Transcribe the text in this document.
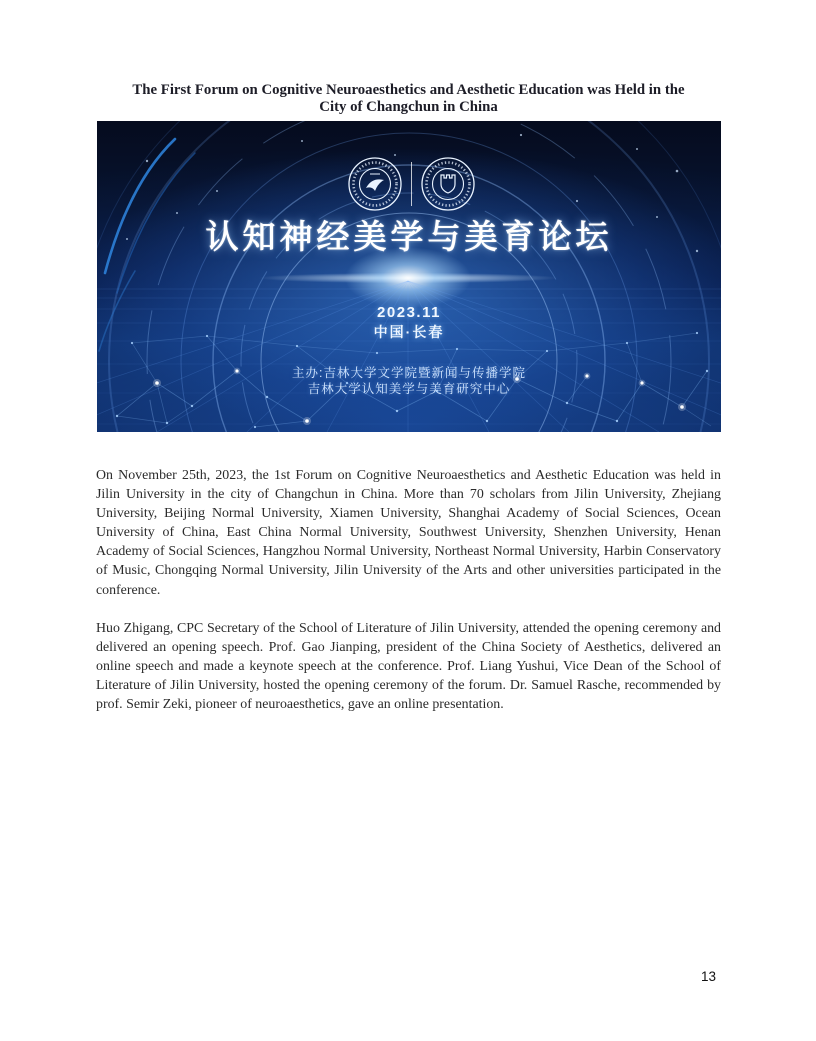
The First Forum on Cognitive Neuroaesthetics and Aesthetic Education was Held in the
City of Changchun in China
认知神经美学与美育论坛
2023.11
中国·长春
主办:吉林大学文学院暨新闻与传播学院
吉林大学认知美学与美育研究中心

On November 25th, 2023, the 1st Forum on Cognitive Neuroaesthetics and Aesthetic Education was held in Jilin University in the city of Changchun in China. More than 70 scholars from Jilin University, Zhejiang University, Beijing Normal University, Xiamen University, Shanghai Academy of Social Sciences, Ocean University of China, East China Normal University, Southwest University, Shenzhen University, Henan Academy of Social Sciences, Hangzhou Normal University, Northeast Normal University, Harbin Conservatory of Music, Chongqing Normal University, Jilin University of the Arts and other universities participated in the conference.

Huo Zhigang, CPC Secretary of the School of Literature of Jilin University, attended the opening ceremony and delivered an opening speech. Prof. Gao Jianping, president of the China Society of Aesthetics, delivered an online speech and made a keynote speech at the conference. Prof. Liang Yushui, Vice Dean of the School of Literature of Jilin University, hosted the opening ceremony of the forum. Dr. Samuel Rasche, recommended by prof. Semir Zeki, pioneer of neuroaesthetics, gave an online presentation.

13
